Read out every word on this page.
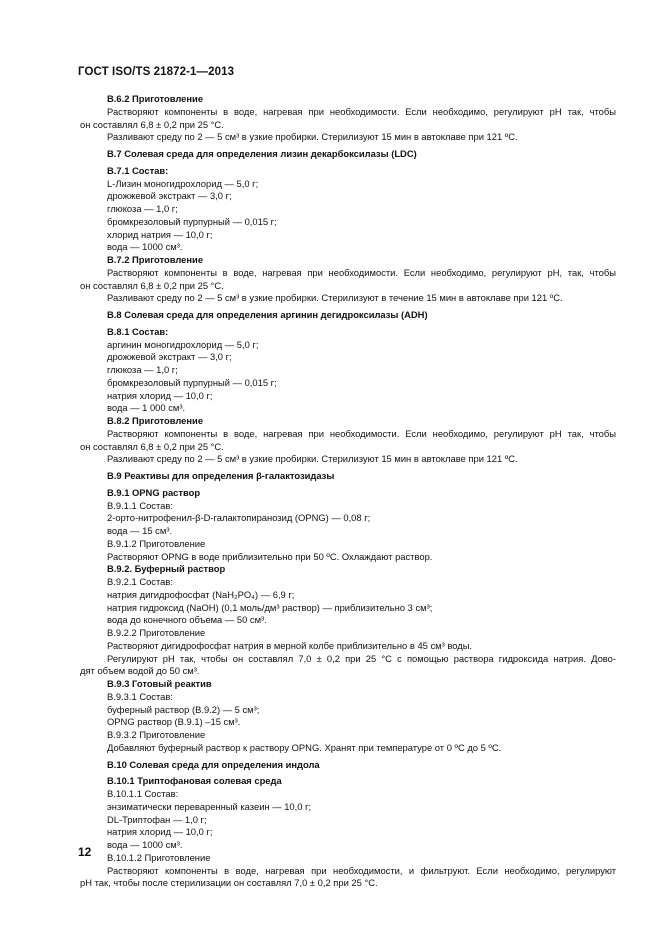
ГОСТ ISO/TS 21872-1—2013
B.6.2 Приготовление
Растворяют компоненты в воде, нагревая при необходимости. Если необходимо, регулируют pH так, чтобы
он составлял 6,8 ± 0,2 при 25 °С.
Разливают среду по 2 — 5 см³ в узкие пробирки. Стерилизуют 15 мин в автоклаве при 121 ºС.
В.7 Солевая среда для определения лизин декарбоксилазы (LDC)
В.7.1 Состав:
L-Лизин моногидрохлорид — 5,0 г;
дрожжевой экстракт — 3,0 г;
глюкоза — 1,0 г;
бромкрезоловый пурпурный — 0,015 г;
хлорид натрия — 10,0 г;
вода — 1000 см³.
В.7.2 Приготовление
Растворяют компоненты в воде, нагревая при необходимости. Если необходимо, регулируют pH, так, чтобы
он составлял 6,8 ± 0,2 при 25 °С.
Разливают среду по 2 — 5 см³ в узкие пробирки. Стерилизуют в течение 15 мин в автоклаве при 121 ºС.
В.8 Солевая среда для определения аргинин дегидроксилазы (ADH)
В.8.1 Состав:
аргинин моногидрохлорид — 5,0 г;
дрожжевой экстракт — 3,0 г;
глюкоза — 1,0 г;
бромкрезоловый пурпурный — 0,015 г;
натрия хлорид — 10,0 г;
вода — 1 000 см³.
В.8.2 Приготовление
Растворяют компоненты в воде, нагревая при необходимости. Если необходимо, регулируют pH так, чтобы
он составлял 6,8 ± 0,2 при 25 °С.
Разливают среду по 2 — 5 см³ в узкие пробирки. Стерилизуют 15 мин в автоклаве при 121 ºС.
В.9 Реактивы для определения β-галактозидазы
В.9.1 ОPNG раствор
В.9.1.1 Состав:
2-орто-нитрофенил-β-D-галактопиранозид (OPNG) — 0,08 г;
вода — 15 см³.
В.9.1.2 Приготовление
Растворяют OPNG в воде приблизительно при 50 ºС. Охлаждают раствор.
В.9.2. Буферный раствор
В.9.2.1 Состав:
натрия дигидрофосфат (NaH₂PO₄) — 6,9 г;
натрия гидроксид (NaOH) (0,1 моль/дм³ раствор) — приблизительно 3 см³;
вода до конечного объема — 50 см³.
В.9.2.2 Приготовление
Растворяют дигидрофосфат натрия в мерной колбе приблизительно в 45 см³ воды.
Регулируют pH так, чтобы он составлял 7,0 ± 0,2 при 25 °С с помощью раствора гидроксида натрия. Дово-
дят объем водой до 50 см³.
В.9.3 Готовый реактив
В.9.3.1 Состав:
буферный раствор (В.9.2) — 5 см³;
OPNG раствор (В.9.1) –15 см³.
В.9.3.2 Приготовление
Добавляют буферный раствор к раствору OPNG. Хранят при температуре от 0 ºС до 5 ºС.
В.10 Солевая среда для определения индола
В.10.1 Триптофановая солевая среда
В.10.1.1 Состав:
энзиматически переваренный казеин — 10,0 г;
DL-Триптофан — 1,0 г;
натрия хлорид — 10,0 г;
вода — 1000 см³.
В.10.1.2 Приготовление
Растворяют компоненты в воде, нагревая при необходимости, и фильтруют. Если необходимо, регулируют
pH так, чтобы после стерилизации он составлял 7,0 ± 0,2 при 25 °С.
12
